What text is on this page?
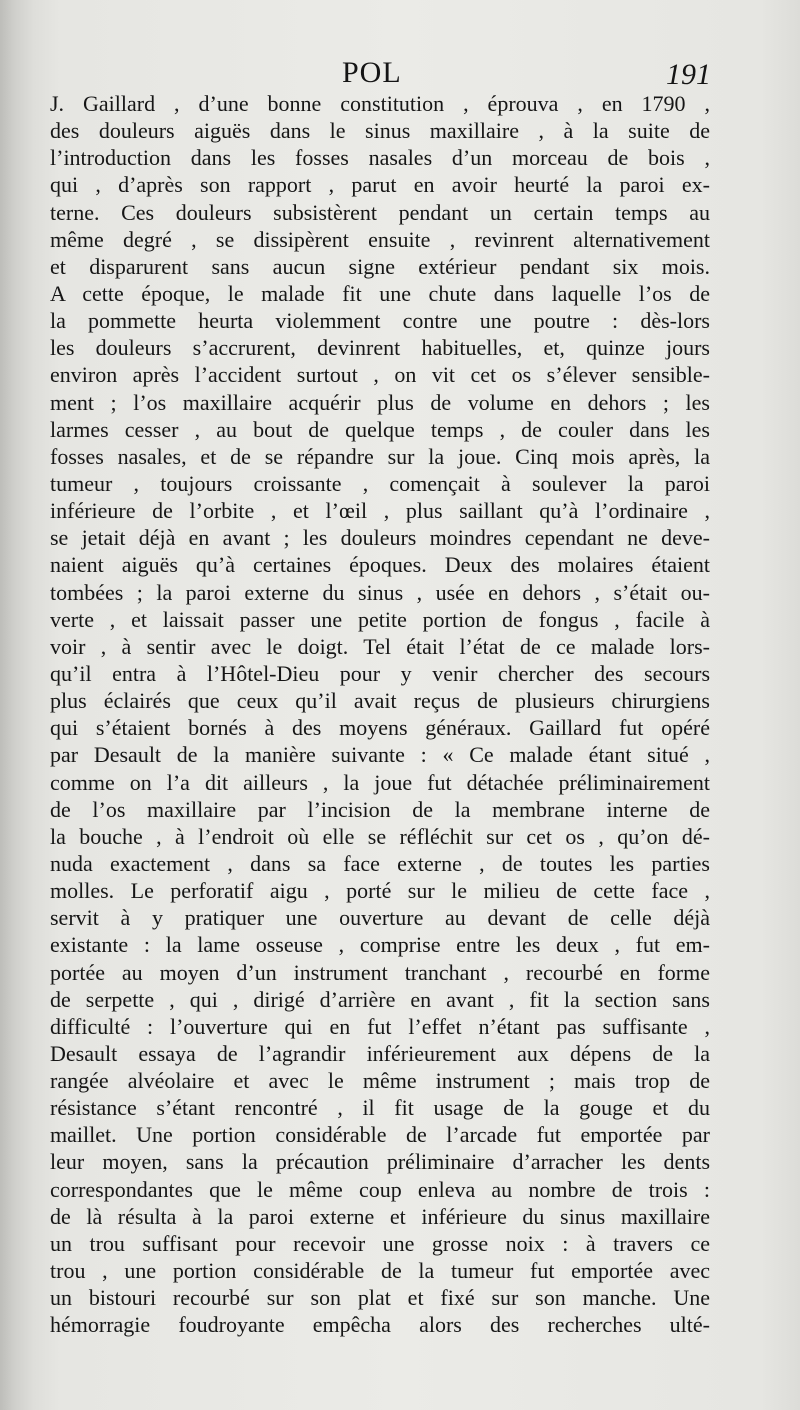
POL	191
J. Gaillard , d’une bonne constitution , éprouva , en 1790 ,
des douleurs aiguës dans le sinus maxillaire , à la suite de
l’introduction dans les fosses nasales d’un morceau de bois ,
qui , d’après son rapport , parut en avoir heurté la paroi ex-
terne. Ces douleurs subsistèrent pendant un certain temps au
même degré , se dissipèrent ensuite , revinrent alternativement
et disparurent sans aucun signe extérieur pendant six mois.
A cette époque, le malade fit une chute dans laquelle l’os de
la pommette heurta violemment contre une poutre : dès-lors
les douleurs s’accrurent, devinrent habituelles, et, quinze jours
environ après l’accident surtout , on vit cet os s’élever sensible-
ment ; l’os maxillaire acquérir plus de volume en dehors ; les
larmes cesser , au bout de quelque temps , de couler dans les
fosses nasales, et de se répandre sur la joue. Cinq mois après, la
tumeur , toujours croissante , començait à soulever la paroi
inférieure de l’orbite , et l’œil , plus saillant qu’à l’ordinaire ,
se jetait déjà en avant ; les douleurs moindres cependant ne deve-
naient aiguës qu’à certaines époques. Deux des molaires étaient
tombées ; la paroi externe du sinus , usée en dehors , s’était ou-
verte , et laissait passer une petite portion de fongus , facile à
voir , à sentir avec le doigt. Tel était l’état de ce malade lors-
qu’il entra à l’Hôtel-Dieu pour y venir chercher des secours
plus éclairés que ceux qu’il avait reçus de plusieurs chirurgiens
qui s’étaient bornés à des moyens généraux. Gaillard fut opéré
par Desault de la manière suivante : « Ce malade étant situé ,
comme on l’a dit ailleurs , la joue fut détachée préliminairement
de l’os maxillaire par l’incision de la membrane interne de
la bouche , à l’endroit où elle se réfléchit sur cet os , qu’on dé-
nuda exactement , dans sa face externe , de toutes les parties
molles. Le perforatif aigu , porté sur le milieu de cette face ,
servit à y pratiquer une ouverture au devant de celle déjà
existante : la lame osseuse , comprise entre les deux , fut em-
portée au moyen d’un instrument tranchant , recourbé en forme
de serpette , qui , dirigé d’arrière en avant , fit la section sans
difficulté : l’ouverture qui en fut l’effet n’étant pas suffisante ,
Desault essaya de l’agrandir inférieurement aux dépens de la
rangée alvéolaire et avec le même instrument ; mais trop de
résistance s’étant rencontré , il fit usage de la gouge et du
maillet. Une portion considérable de l’arcade fut emportée par
leur moyen, sans la précaution préliminaire d’arracher les dents
correspondantes que le même coup enleva au nombre de trois :
de là résulta à la paroi externe et inférieure du sinus maxillaire
un trou suffisant pour recevoir une grosse noix : à travers ce
trou , une portion considérable de la tumeur fut emportée avec
un bistouri recourbé sur son plat et fixé sur son manche. Une
hémorragie foudroyante empêcha alors des recherches ulté-
